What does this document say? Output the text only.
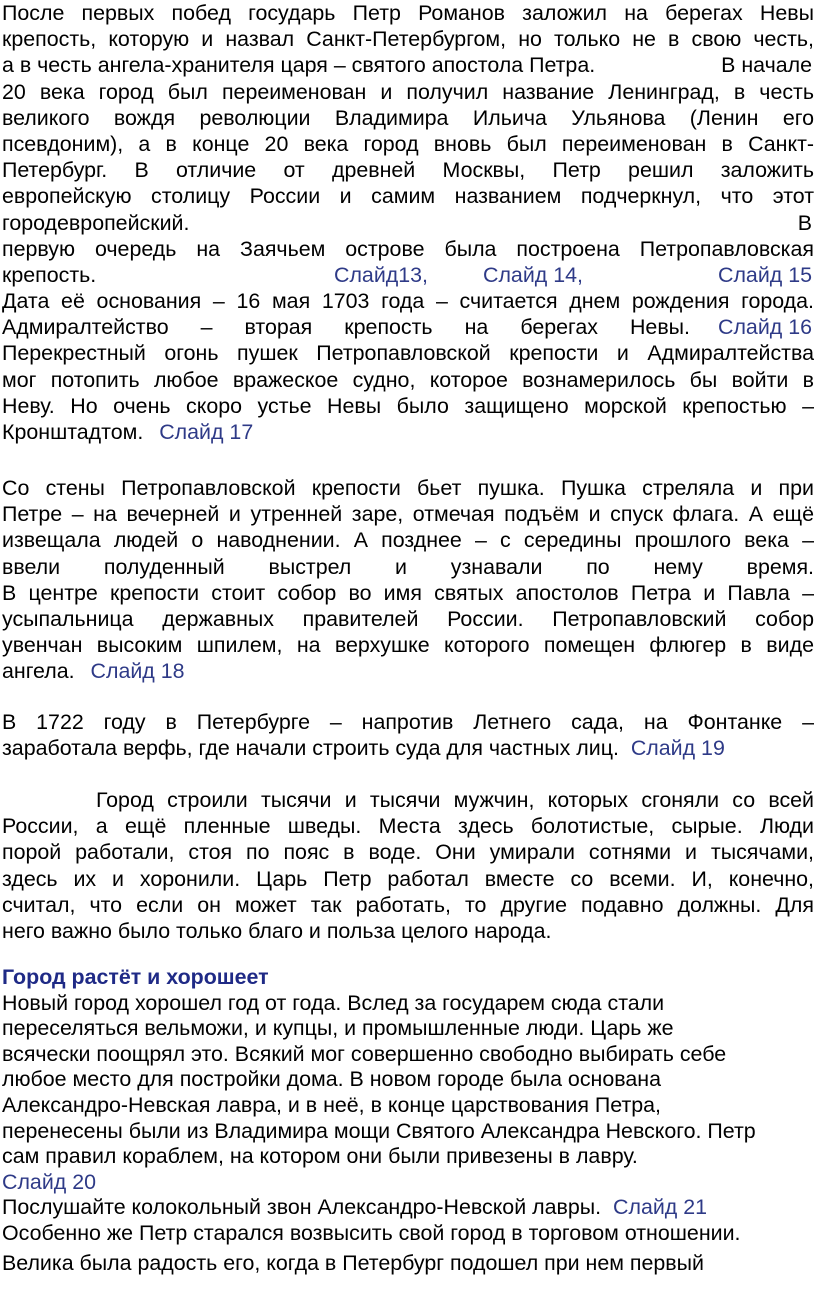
После первых побед государь Петр Романов заложил на берегах Невы
крепость, которую и назвал Санкт-Петербургом, но только не в свою честь,
а в честь ангела-хранителя царя – святого апостола Петра.	В начале
20 века город был переименован и получил название Ленинград, в честь
великого вождя революции Владимира Ильича Ульянова (Ленин его
псевдоним), а в конце 20 века город вновь был переименован в Санкт-
Петербург. В отличие от древней Москвы, Петр решил заложить
европейскую столицу России и самим названием подчеркнул, что этот
городевропейский.	В
первую очередь на Заячьем острове была построена Петропавловская
крепость.	Слайд13,	Слайд 14,	Слайд 15
Дата её основания – 16 мая 1703 года – считается днем рождения города.
Адмиралтейство – вторая крепость на берегах Невы. Слайд 16
Перекрестный огонь пушек Петропавловской крепости и Адмиралтейства
мог потопить любое вражеское судно, которое вознамерилось бы войти в
Неву. Но очень скоро устье Невы было защищено морской крепостью –
Кронштадтом. Слайд 17
Со стены Петропавловской крепости бьет пушка. Пушка стреляла и при
Петре – на вечерней и утренней заре, отмечая подъём и спуск флага. А ещё
извещала людей о наводнении. А позднее – с середины прошлого века –
ввели полуденный выстрел и узнавали по нему время.
В центре крепости стоит собор во имя святых апостолов Петра и Павла –
усыпальница державных правителей России. Петропавловский собор
увенчан высоким шпилем, на верхушке которого помещен флюгер в виде
ангела. Слайд 18
В 1722 году в Петербурге – напротив Летнего сада, на Фонтанке –
заработала верфь, где начали строить суда для частных лиц. Слайд 19
Город строили тысячи и тысячи мужчин, которых сгоняли со всей
России, а ещё пленные шведы. Места здесь болотистые, сырые. Люди
порой работали, стоя по пояс в воде. Они умирали сотнями и тысячами,
здесь их и хоронили. Царь Петр работал вместе со всеми. И, конечно,
считал, что если он может так работать, то другие подавно должны. Для
него важно было только благо и польза целого народа.
Город растёт и хорошеет
Новый город хорошел год от года. Вслед за государем сюда стали
переселяться вельможи, и купцы, и промышленные люди. Царь же
всячески поощрял это. Всякий мог совершенно свободно выбирать себе
любое место для постройки дома. В новом городе была основана
Александро-Невская лавра, и в неё, в конце царствования Петра,
перенесены были из Владимира мощи Святого Александра Невского. Петр
сам правил кораблем, на котором они были привезены в лавру.
Слайд 20
Послушайте колокольный звон Александро-Невской лавры. Слайд 21
Особенно же Петр старался возвысить свой город в торговом отношении.
Велика была радость его, когда в Петербург подошел при нем первый
